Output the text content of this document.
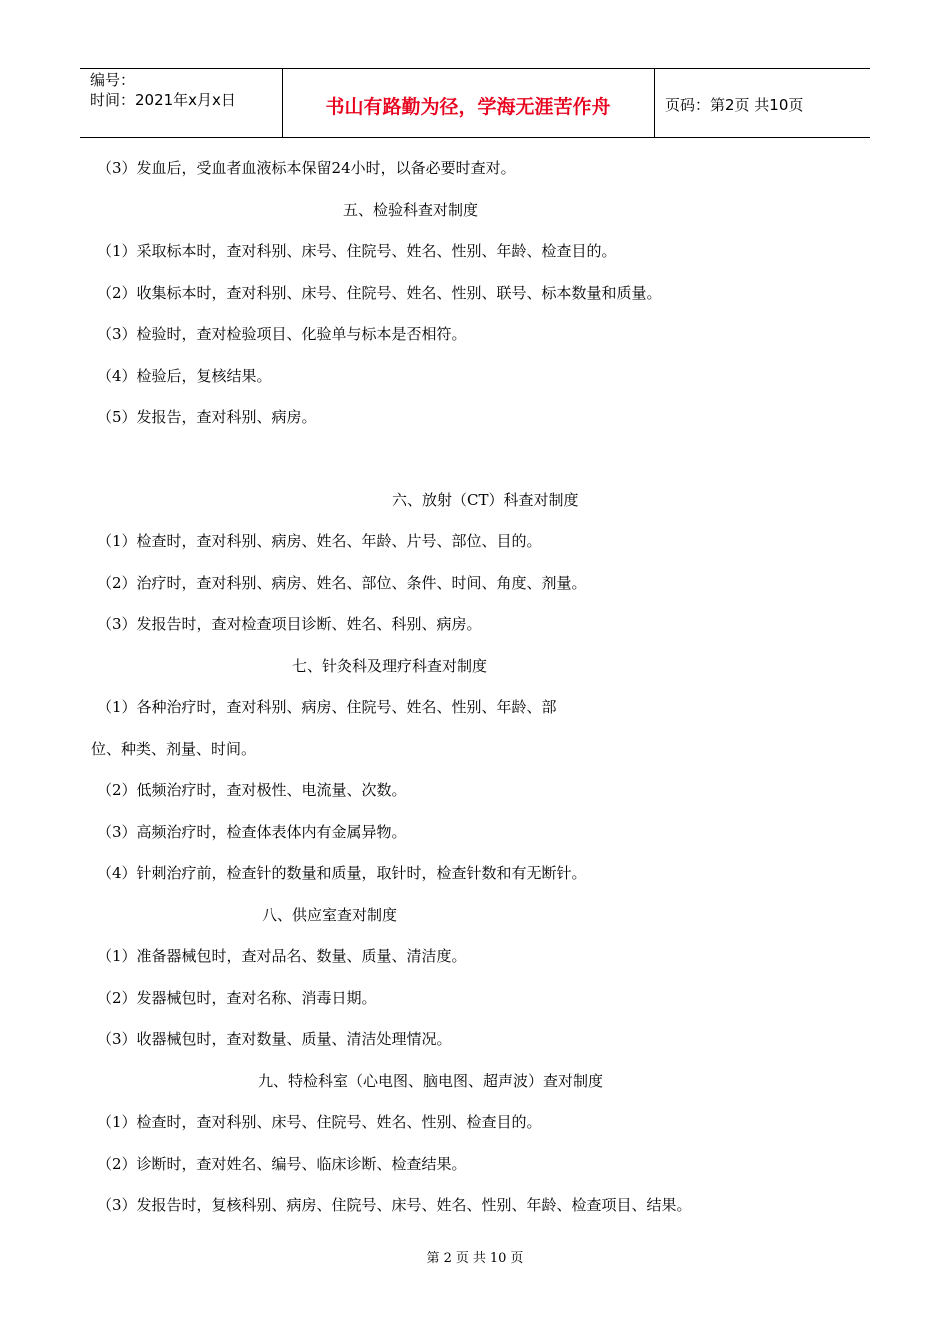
编号：
时间：2021年x月x日	书山有路勤为径，学海无涯苦作舟	页码：第2页 共10页
（3）发血后，受血者血液标本保留24小时，以备必要时查对。
五、检验科查对制度
（1）采取标本时，查对科别、床号、住院号、姓名、性别、年龄、检查目的。
（2）收集标本时，查对科别、床号、住院号、姓名、性别、联号、标本数量和质量。
（3）检验时，查对检验项目、化验单与标本是否相符。
（4）检验后，复核结果。
（5）发报告，查对科别、病房。
六、放射（CT）科查对制度
（1）检查时，查对科别、病房、姓名、年龄、片号、部位、目的。
（2）治疗时，查对科别、病房、姓名、部位、条件、时间、角度、剂量。
（3）发报告时，查对检查项目诊断、姓名、科别、病房。
七、针灸科及理疗科查对制度
（1）各种治疗时，查对科别、病房、住院号、姓名、性别、年龄、部
位、种类、剂量、时间。
（2）低频治疗时，查对极性、电流量、次数。
（3）高频治疗时，检查体表体内有金属异物。
（4）针刺治疗前，检查针的数量和质量，取针时，检查针数和有无断针。
八、供应室查对制度
（1）准备器械包时，查对品名、数量、质量、清洁度。
（2）发器械包时，查对名称、消毒日期。
（3）收器械包时，查对数量、质量、清洁处理情况。
九、特检科室（心电图、脑电图、超声波）查对制度
（1）检查时，查对科别、床号、住院号、姓名、性别、检查目的。
（2）诊断时，查对姓名、编号、临床诊断、检查结果。
（3）发报告时，复核科别、病房、住院号、床号、姓名、性别、年龄、检查项目、结果。
第 2 页 共 10 页
